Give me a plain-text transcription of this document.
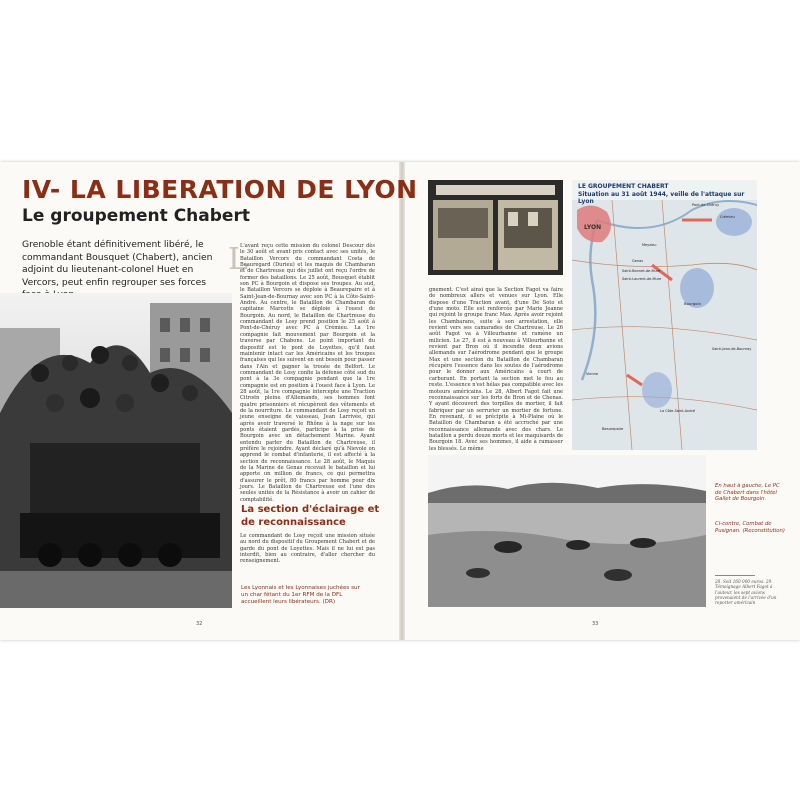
IV- LA LIBERATION DE LYON
Le groupement Chabert

Grenoble étant définitivement libéré, le commandant Bousquet (Chabert), ancien adjoint du lieutenant-colonel Huet en Vercors, peut enfin regrouper ses forces

L

L'avant reçu cette mission du colonel Descour dès le 30 août et avant pris contact avec ses unités, le Bataillon Vercors du commandant Costa de Beauregard (Durieu) et les maquis de Chambaran et de Chartreuse qui dès juillet ont reçu l'ordre de former des bataillons. Le 25 août, Bousquet établit son PC à Bourgoin et dispose ses troupes. Au sud, le Bataillon Vercors se déploie à Beaurepaire et à Saint-Jean-de-Bournay avec son PC à la Côte-Saint-André. Au centre, le Bataillon de Chambaran du capitaine Marcotte se déploie à l'ouest de Bourgoin. Au nord, le Bataillon de Chartreuse du commandant de Losy prend position le 25 août à Pont-de-Chéruy avec PC à Crémieu. La 1re compagnie fait mouvement par Bourgoin et la traverse par Chabons. Le point important du dispositif est le pont de Loyettes, qu'il faut maintenir intact car les Américains et les troupes françaises qui les suivent en ont besoin pour passer dans l'Ain et gagner la trouée de Belfort. Le commandant de Losy confie la défense côté sud du pont à la 3e compagnie pendant que la 1re compagnie est en position à l'ouest face à Lyon. Le 28 août, la 1re compagnie intercepte une Traction Citroën pleine d'Allemands, ses hommes font quatre prisonniers et récupèrent des vêtements et de la nourriture. Le commandant de Losy reçoit un jeune enseigne de vaisseau, Jean Larrivée, qui après avoir traversé le Rhône à la nage sur les ponts étaient gardés, participe à la prise de Bourgoin avec un détachement Marine. Ayant entendu parler du Bataillon de Chartreuse, il préfère le rejoindre. Ayant déclaré qu'à Nievole on apprend le combat d'infanterie, il est affecté à la section de reconnaissance. Le 28 août, le Maquis de la Marine de Genas recevait le bataillon et lui apporte un million de francs, ce qui permettra d'assurer le prêt, 80 francs par homme pour dix jours. Le Bataillon de Chartreuse est l'une des seules unités de la Résistance à avoir un cahier de comptabilité.

La section d'éclairage et de reconnaissance

Le commandant de Losy reçoit une mission située au nord du dispositif du Groupement Chabert et de garde du pont de Loyettes. Mais il ne lui est pas interdit, bien au contraire, d'aller chercher du renseignement.

Les Lyonnais et les Lyonnaises juchées sur un char fêtant du 1er RFM de la DFL accueillent leurs libérateurs. (DR)

32

gnement. C'est ainsi que la Section Fagot va faire de nombreux allers et venues sur Lyon. Elle dispose d'une Traction avant, d'une De Soto et d'une moto. Elle est renforcée par Marie Jeanne qui rejoint le groupe franc Max. Après avoir rejoint les Chambarans, suite à son arrestation, elle revient vers ses camarades de Chartreuse. Le 26 août Fagot va à Villeurbanne et ramène un milicien. Le 27, il est à nouveau à Villeurbanne et revient par Bron où il incendie deux avions allemands sur l'aérodrome pendant que le groupe Max et une section du Bataillon de Chambaran récupère l'essence dans les soutes de l'aérodrome pour le donner aux Américains à court de carburant. En portant la section met le feu au reste. L'essence n'est hélas pas compatible avec les moteurs américains. Le 28, Albert Fagot fait une reconnaissance sur les forts de Bron et de Chenas. Y ayant découvert des torpilles de mortier, il fait fabriquer par un serrurier un mortier de fortune. En revenant, il se précipite à Mi-Plaine où le Bataillon de Chambaran a été accroché par une reconnaissance allemande avec des chars. Le bataillon a perdu douze morts et les maquisards de Bourgoin 18. Avec ses hommes, il aide à ramasser les blessés. Le même

LYON
Meyzieu
Crémieu
Pont-de-Chéruy
Genas
Saint-Bonnet-de-Mure
Saint-Laurent-de-Mure
Bourgoin
Saint-Jean-de-Bournay
La Côte-Saint-André
Beaurepaire
Vienne
LE GROUPEMENT CHABERT
Situation au 31 août 1944, veille de l'attaque sur Lyon

En haut à gauche, Le PC de Chabert dans l'hôtel Gallet de Bourgoin.

Ci-contre, Combat de Pusignan. (Reconstitution)

28. Soit 160 000 euros. 29. Témoignage Albert Fagot à l'auteur, les sept avions provenaient de l'arrivée d'un reporter américain

33
